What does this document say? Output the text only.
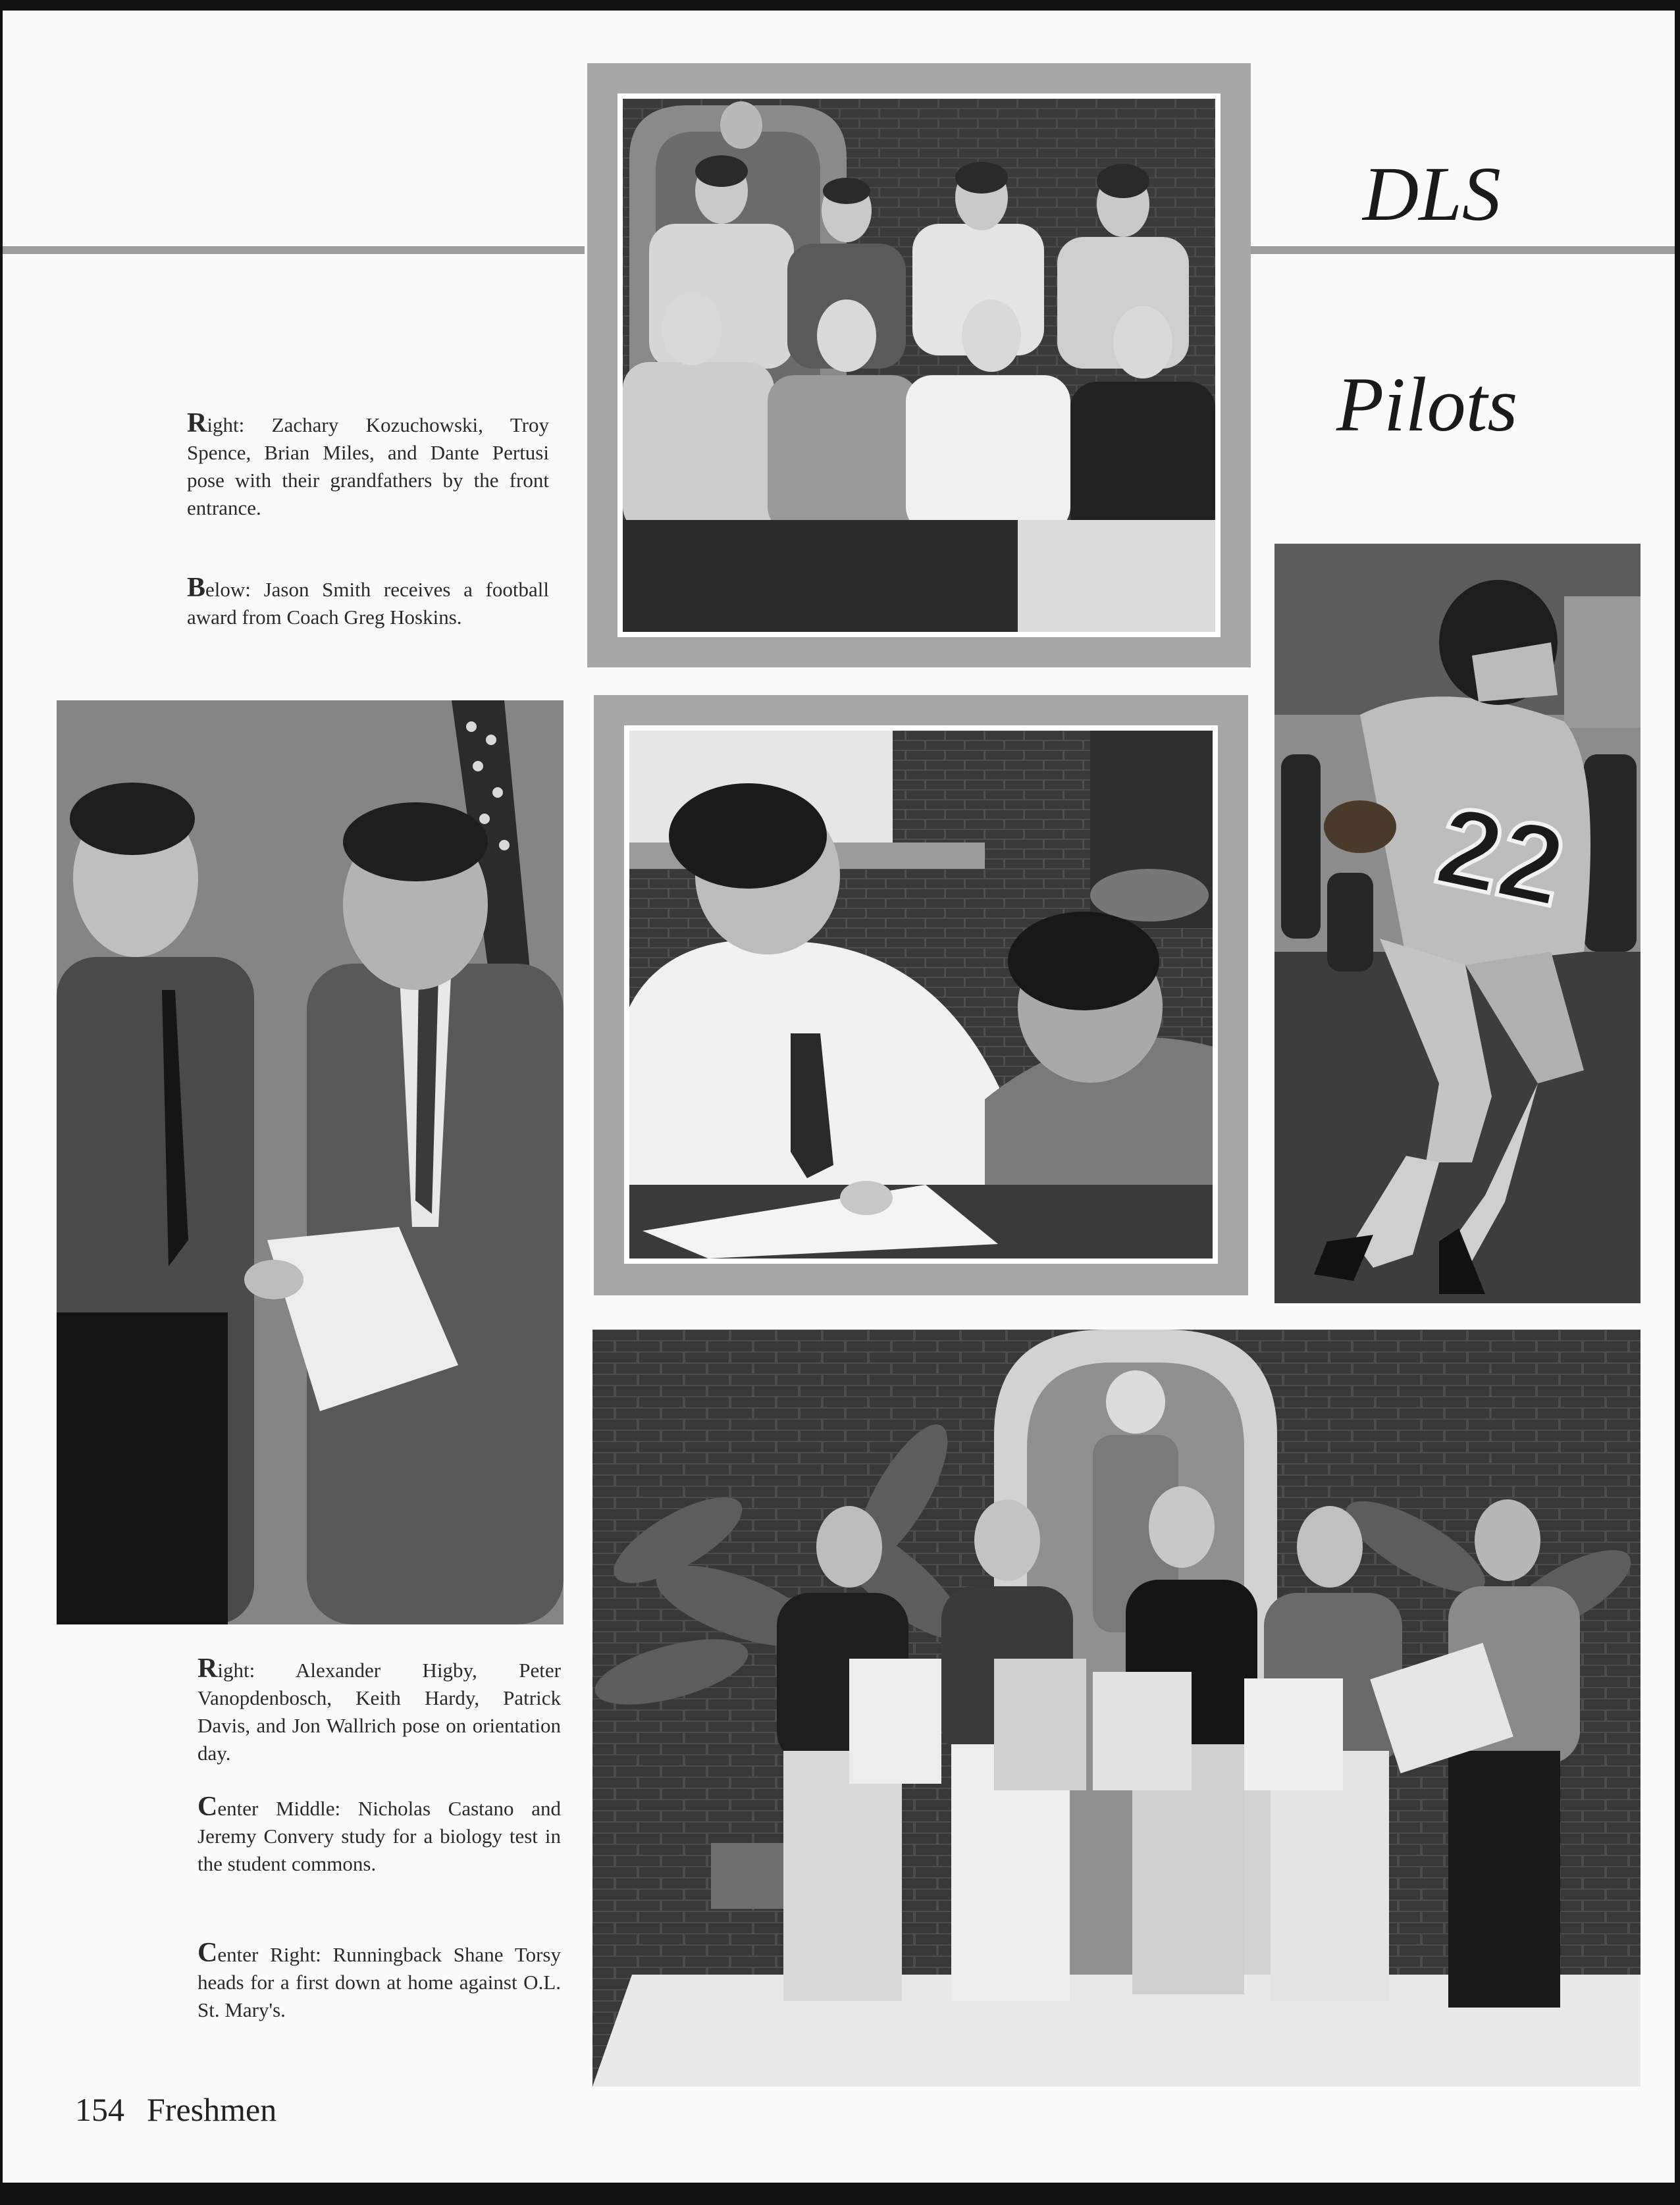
DLS
Pilots
Right: Zachary Kozuchowski, Troy Spence, Brian Miles, and Dante Pertusi pose with their grandfathers by the front entrance.
Below: Jason Smith receives a football award from Coach Greg Hoskins.
22
Right: Alexander Higby, Peter Vanopdenbosch, Keith Hardy, Patrick Davis, and Jon Wallrich pose on orientation day.
Center Middle: Nicholas Castano and Jeremy Convery study for a biology test in the student commons.
Center Right: Runningback Shane Torsy heads for a first down at home against O.L. St. Mary's.
154 Freshmen
